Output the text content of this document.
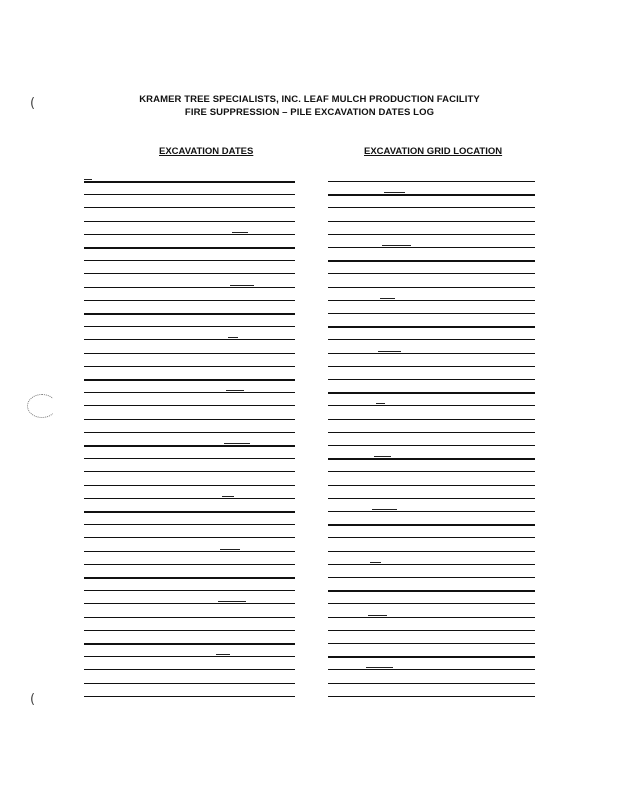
KRAMER TREE SPECIALISTS, INC. LEAF MULCH PRODUCTION FACILITY
FIRE SUPPRESSION – PILE EXCAVATION DATES LOG
EXCAVATION DATES	EXCAVATION GRID LOCATION
(
(
